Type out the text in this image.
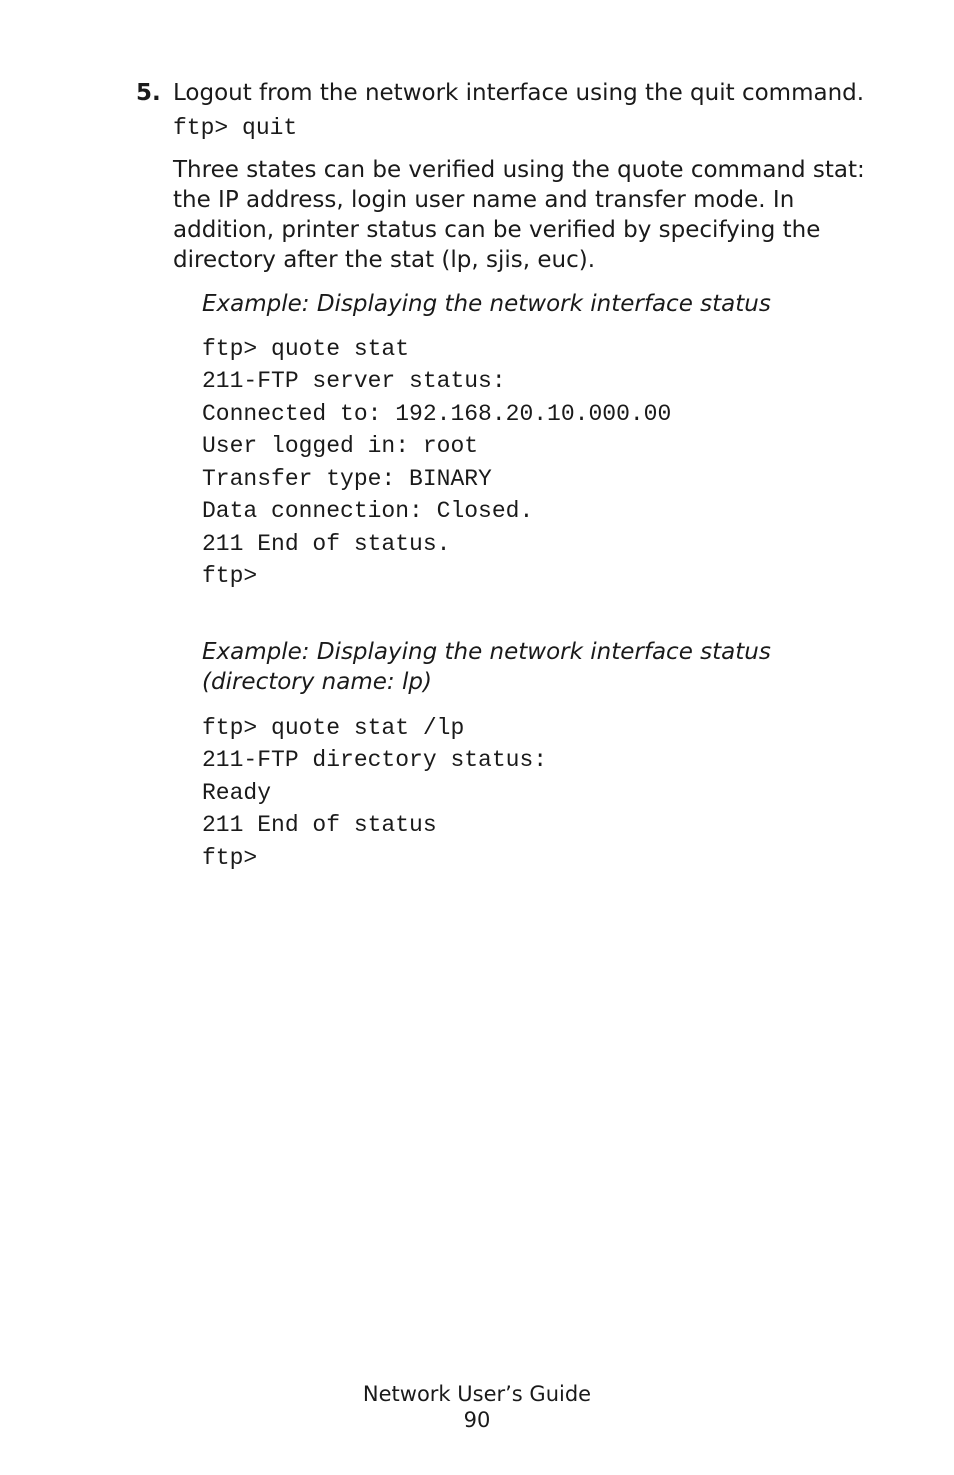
5. Logout from the network interface using the quit command.

ftp> quit

Three states can be verified using the quote command stat: the IP address, login user name and transfer mode. In addition, printer status can be verified by specifying the directory after the stat (lp, sjis, euc).

Example: Displaying the network interface status

ftp> quote stat

211-FTP server status:

Connected to: 192.168.20.10.000.00

User logged in: root

Transfer type: BINARY

Data connection: Closed.

211 End of status.

ftp>

Example: Displaying the network interface status (directory name: lp)

ftp> quote stat /lp

211-FTP directory status:

Ready

211 End of status

ftp>

Network User’s Guide
90
